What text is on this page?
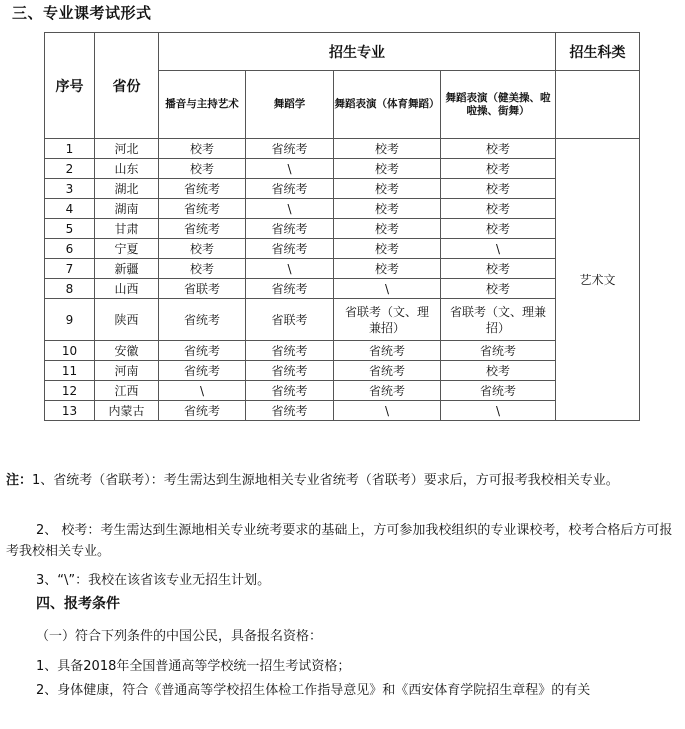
三、专业课考试形式
序号	省份	招生专业				招生科类
		播音与主持艺术	舞蹈学	舞蹈表演（体育舞蹈）	舞蹈表演（健美操、啦啦操、街舞）	
1	河北	校考	省统考	校考	校考	艺术文
2	山东	校考	\	校考	校考	
3	湖北	省统考	省统考	校考	校考	
4	湖南	省统考	\	校考	校考	
5	甘肃	省统考	省统考	校考	校考	
6	宁夏	校考	省统考	校考	\	
7	新疆	校考	\	校考	校考	
8	山西	省联考	省统考	\	校考	
9	陕西	省统考	省联考	省联考（文、理兼招）	省联考（文、理兼招）	
10	安徽	省统考	省统考	省统考	省统考	
11	河南	省统考	省统考	省统考	校考	
12	江西	\	省统考	省统考	省统考	
13	内蒙古	省统考	省统考	\	\	
注：1、省统考（省联考）：考生需达到生源地相关专业省统考（省联考）要求后，方可报考我校相关专业。
2、 校考：考生需达到生源地相关专业统考要求的基础上，方可参加我校组织的专业课校考，校考合格后方可报考我校相关专业。
3、“\”：我校在该省该专业无招生计划。
四、报考条件
（一）符合下列条件的中国公民，具备报名资格：
1、具备2018年全国普通高等学校统一招生考试资格；
2、身体健康，符合《普通高等学校招生体检工作指导意见》和《西安体育学院招生章程》的有关
